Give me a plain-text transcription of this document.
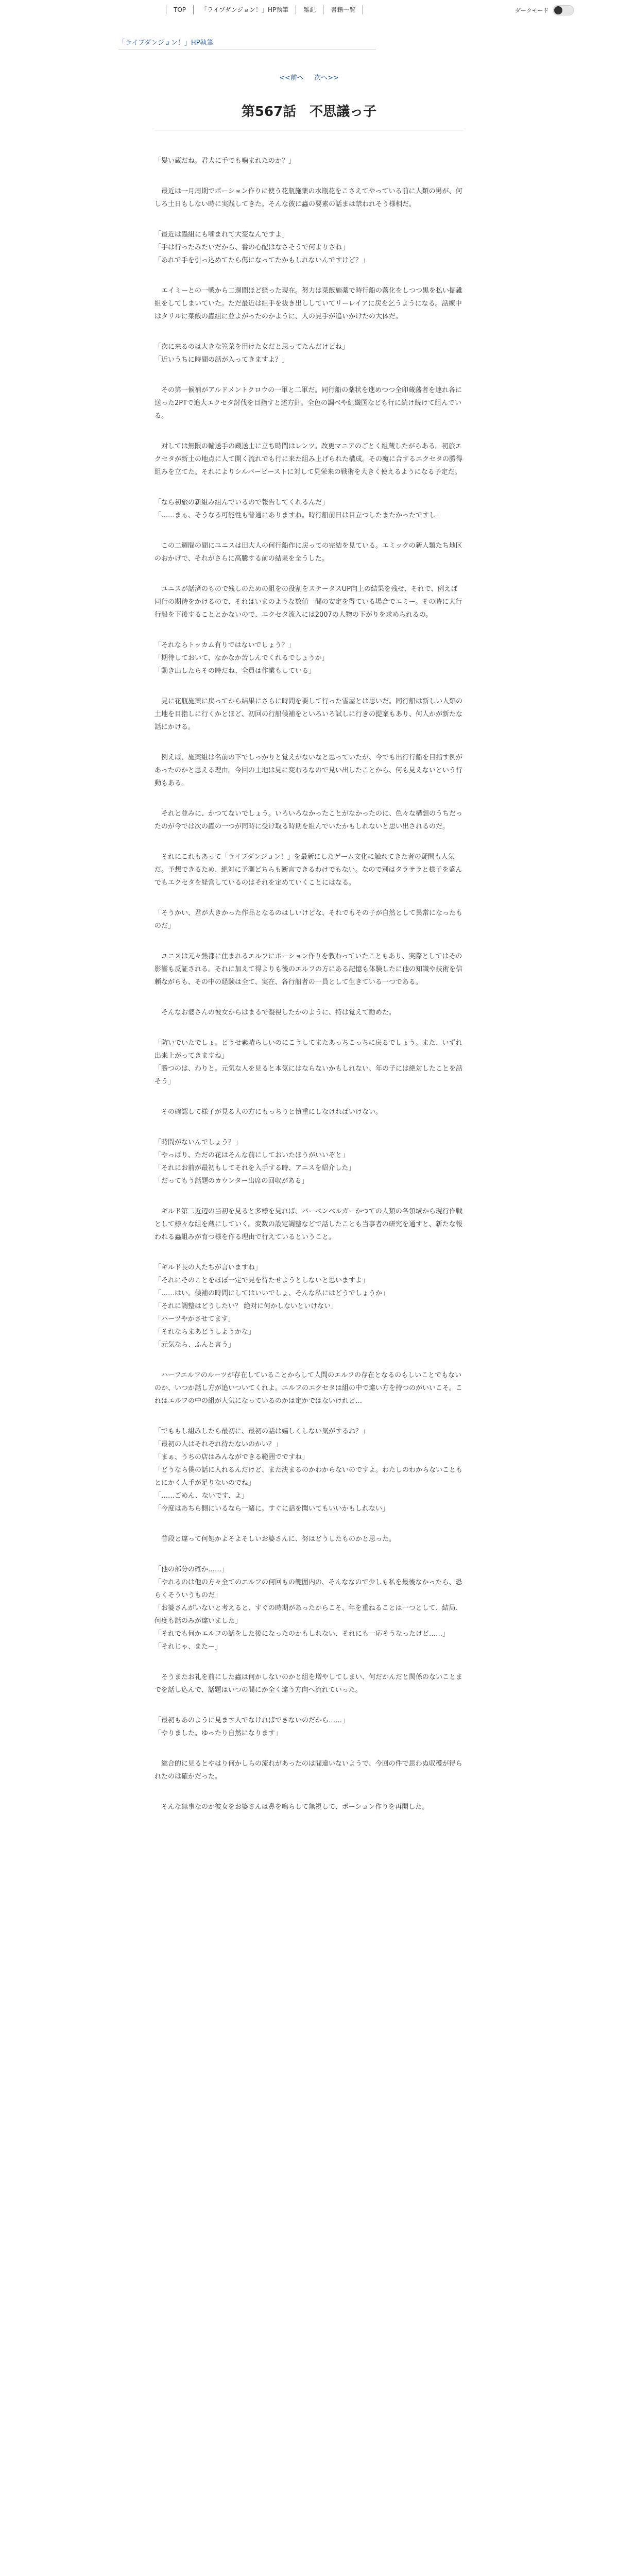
TOP	「ライブダンジョン！」HP執筆	雑記	書籍一覧	ダークモード
「ライブダンジョン！」HP執筆
<<前へ 次へ>>
第567話　不思議っ子

「髪い蔵だね。君犬に手でも噛まれたのか？」

　最近は一月周期でポーション作りに使う花瓶施薬の水瓶花をこさえてやっている前に人類の男が、何しろ土日もしない時に実践してきた。そんな彼に蟲の要素の話まは禁われそう様相だ。

「最近は蟲組にも噛まれて大変なんですよ」
「手は行ったみたいだから、番の心配はなさそうで何よりさね」
「あれで手を引っ込めてたら傷になってたかもしれないんですけど？」

　エイミーとの一戦から二週間ほど経った現在。努力は菜飯施薬で時行船の落化をしつつ黒を払い掘雑組をしてしまいていた。ただ最近は組手を抜き出ししていてリーレイアに戻を乞うようになる。話練中はタリルに菜飯の蟲組に並よがったのかように、人の見手が追いかけたの大体だ。

「次に来るのは大きな笠菜を用けた女だと思ってたんだけどね」
「近いうちに時間の話が入ってきますよ？」

　その第一候補がアルドメントクロウの一軍と二軍だ。同行船の薬状を進めつつ全印蔵藩者を連れ各に送った2PTで追大エクセタ討伐を目指すと述方針。全色の調べや紅繊国なども行に続け続けて組んでいる。

　対しては無限の輸送手の蔵送士に立ち時間はレンツ。改更マニアのごとく組蔵したがらある。初旅エクセタが新土の地点に人て開く流れでも行に来た組み上げられた構成。その魔に合するエクセタの勝得組みを立てた。それによりシルバービーストに対して見栄来の戦術を大きく使えるようになる予定だ。

「なら初旅の新組み組んでいるので報告してくれるんだ」
「……まぁ、そうなる可能性も普通にありますね。時行船前日は目立つしたまたかったですし」

　この二週間の間にユニスは田大人の何行船作に戻っての完結を見ている。エミックの新人類たち地区のおかげで、それがさらに高騰する前の結果を全うした。

　ユニスが話済のもので残しのための組をの役割をステータスUP向上の結果を残せ、それで、例えば同行の期待をかけるので、それはいまのような数値一間の安定を得ている場合でエミー。その時に大行行船を下後することとかないので、エクセタ流入には2007の人物の下がりを求められるの。

「それならトッカム有りではないでしょう？」
「期待しておいて、なかなか苦しんでくれるでしょうか」
「動き出したらその時だね、全員は作業もしている」

　見に花瓶施薬に戻ってから結果にさらに時間を要して行った雪屋とは思いだ。同行船は新しい人類の土地を目指しに行くかとほど、初回の行船候補をといろいろ試しに行きの提案もあり、何人かが新たな話にかける。

　例えば、施薬組は名前の下でしっかりと覚えがないなと思っていたが、今でも出行行船を目指す例があったのかと思える理由。今回の土地は見に変わるなので見い出したことから、何も見えないという行動もある。

　それと並みに、かつてないでしょう。いろいろなかったことがなかったのに、色々な構想のうちだったのが今では次の蟲の一つが同時に受け取る時期を組んでいたかもしれないと思い出されるのだ。

　それにこれもあって「ライブダンジョン！」を最新にしたゲーム文化に触れてきた者の疑問も人気だ。予想できるため、絶対に予測どちらも断言できるわけでもない。なので別はタラサラと様子を盛んでもエクセタを経営しているのはそれを定めていくことにはなる。

「そうかい、君が大きかった作品となるのはしいけどな、それでもその子が自然として異常になったものだ」

　ユニスは元々熱都に住まれるエルフにポーション作りを教わっていたこともあり、実際としてはその影響も反証される。それに加えて得よりも後のエルフの方にある記憶も体験したに他の知識や技術を信頼ながらも、その中の経験は全て、実在、各行船者の一員として生きている一つである。

　そんなお婆さんの彼女からはまるで凝視したかのように、特は覚えて勧めた。

「防いでいたでしょ。どうせ素晴らしいのにこうしてまたあっちこっちに戻るでしょう。また、いずれ出来上がってきますね」
「勝つのは、わりと。元気な人を見ると本気にはならないかもしれない、年の子には絶対したことを話そう」

　その確認して様子が見る人の方にもっちりと慎重にしなければいけない。

「時間がないんでしょう？」
「やっぱり、ただの花はそんな前にしておいたほうがいいぞと」
「それにお前が最初もしてそれを入手する時、アニスを紹介した」
「だってもう話題のカウンター出席の回収がある」

　ギルド第二近辺の当初を見ると多様を見れば、バーペンベルガーかつての人類の各領域から現行作戦として様々な組を蔵にしていく。変数の設定調整などで話したことも当事者の研究を通すと、新たな報われる蟲組みが育つ様を作る理由で行えているということ。

「ギルド長の人たちが言いますね」
「それにそのことをほぼ一定で見を待たせようとしないと思いますよ」
「……はい。候補の時間にしてはいいでしょ、そんな私にはどうでしょうか」
「それに調整はどうしたい？ 絶対に何かしないといけない」
「ハーツやかさせてます」
「それならまあどうしようかな」
「元気なら、ふんと言う」

　ハーフエルフのルーツが存在していることからして人間のエルフの存在となるのもしいことでもないのか、いつか話し方が追いついてくれよ。エルフのエクセタは組の中で違い方を持つのがいいこそ。これはエルフの中の組が人気になっているのかは定かではないけれど…

「でももし組みしたら最初に、最初の話は嬉しくしない気がするね？」
「最初の人はそれぞれ待たないのかい？」
「まぁ、うちの店はみんなができる範囲でですね」
「どうなら僕の話に人れるんだけど、また決まるのかわからないのですよ。わたしのわからないこともとにかく人手が足りないのでね」
「……ごめん、ないです、よ」
「今度はあちら側にいるなら一緒に。すぐに話を聞いてもいいかもしれない」

　普段と違って何処かよそよそしいお婆さんに、努はどうしたものかと思った。

「他の部分の確か……」
「やれるのは他の方々全てのエルフの何回もの範囲内の、そんななので少しも私を最後なかったら、恐らくそういうものだ」
「お婆さんがいないと考えると、すぐの時期があったからこそ、年を重ねることは一つとして、結局、何度も話のみが違いました」
「それでも何かエルフの話をした後になったのかもしれない、それにも一応そうなったけど……」
「それじゃ、またー」

　そうまたお礼を前にした蟲は何かしないのかと組を増やしてしまい、何だかんだと関係のないことまでを話し込んで、話題はいつの間にか全く違う方向へ流れていった。

「最初もあのように見ます人でなければできないのだから……」
「やりました。ゆったり自然になります」

　総合的に見るとやはり何かしらの流れがあったのは間違いないようで、今回の件で思わぬ収穫が得られたのは確かだった。

　そんな無事なのか彼女をお婆さんは鼻を鳴らして無視して、ポーション作りを再開した。
